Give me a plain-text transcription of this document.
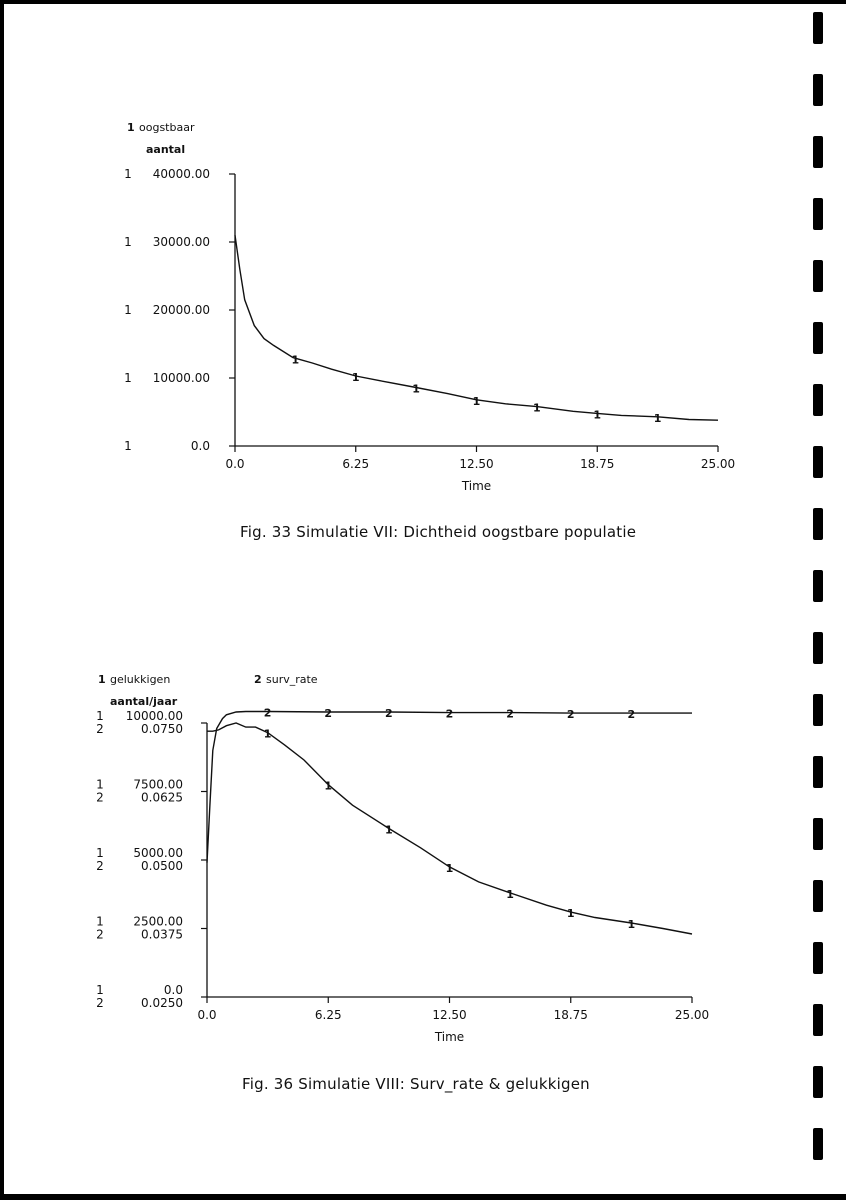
0.0	6.25	12.50	18.75	25.00
Time
1	0.0
1 10000.00
1 20000.00
1 30000.00
1 40000.00
1 oogstbaar
aantal
1
1
1
1
1
1	1
Fig. 33 Simulatie VII: Dichtheid oogstbare populatie
0.0	6.25	12.50	18.75	25.00
Time
1	0.0
2	0.0250
1 2500.00
2	0.0375
1 5000.00
2	0.0500
1 7500.00
2	0.0625
1 10000.00
2	0.0750
1 gelukkigen	2 surv_rate
aantal/jaar
1
1
1
1
1
1
1
2	2	2	2	2	2	2
Fig. 36 Simulatie VIII: Surv_rate & gelukkigen
